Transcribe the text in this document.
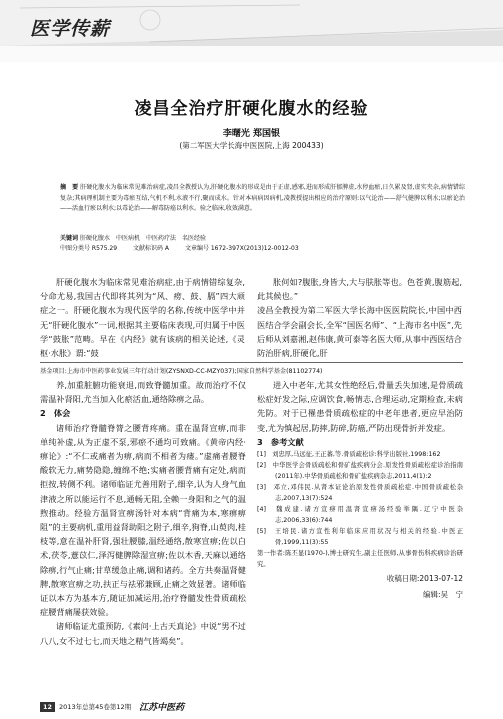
医学传薪
凌昌全治疗肝硬化腹水的经验
李曙光 郑国银
(第二军医大学长海中医医院,上海 200433)
摘　要 肝硬化腹水为临床常见难治病症,凌昌全教授认为,肝硬化腹水的形成是由于正虚,感邪,进而形成肝郁脾虚,水停血瘀,日久累及肾,虚实夹杂,病情错综复杂;其病理机制主要为毒瘀互结,气机不利,水液不行,聚而成水。针对本病病因病机,凌教授提出相应的治疗原则:以气论治——舒气健脾以利水;以瘀论治——活血行瘀以利水;以毒论治——解毒防癌以利水。验之临床,收效满意。
关键词 肝硬化腹水　中医病机　中医药疗法　名医经验
中图分类号 R575.29	文献标识码 A	文章编号 1672-397X(2013)12-0012-03

肝硬化腹水为临床常见难治病症,由于病情错综复杂,兮命尤易,我国古代即将其列为“风、痨、鼓、膈”四大顽症之一。肝硬化腹水为现代医学的名称,传统中医学中并无“肝硬化腹水”一词,根据其主要临床表现,可归属于中医学“鼓胀”范畴。早在《内经》就有该病的相关论述,《灵枢·水胀》谓:“鼓

胀何如?腹胀,身皆大,大与肤胀等也。色苍黄,腹筋起,此其候也。”
凌昌全教授为第二军医大学长海中医医院院长,中国中西医结合学会副会长,全军“国医名师”、“上海市名中医”,先后师从刘嘉湘,赵伟康,黄可泰等名医大师,从事中西医结合防治肝病,肝硬化,肝

基金项目:上海市中医药事业发展三年行动计划(ZYSNXD-CC-MZY037);国家自然科学基金(81102774)

养,加重脏腑功能衰退,而致脊髓加重。故而治疗不仅需温补肾阳,尤当加入化瘀活血,通络除痹之品。

2　体会

诸师治疗脊髓脊膂之腰背疼痛。重在温肾宣痹,而非单纯补虚,从为正虚不泵,邪瘀不通均可致痛。《黄帝内经·痹论》:“不仁或痛者为痹,病而不相者为瘘。”虚痛者腰脊酸软无力,痛势隐隐,缠绵不绝;实痛者腰背痛有定处,病而拒按,转侧不利。诸师临证尤善用附子,细辛,认为人身气血津液之所以能运行不息,通畅无阻,全赖一身阳和之气的温煦推动。经验方温肾宣痹汤针对本病“背痛为本,寒痹痹阻”的主要病机,重用益肾助阳之附子,细辛,狗脊,山萸肉,桂枝等,意在温补肝肾,强壮腰膝,温经通络,散寒宣痹;佐以白术,茯苓,薏苡仁,泽泻健脾除湿宣痹;佐以木香,天麻以通络除痹,行气止痛;甘草缓急止痛,调和诸药。全方共奏温肾健脾,散寒宣痹之功,扶正与祛邪兼顾,止痛之效显著。诸师临证以本方为基本方,随证加减运用,治疗脊髓发性骨质疏松症腰背痛屡获效验。

诸师临证尤重预防,《素问·上古天真论》中说“男不过八八,女不过七七,而天地之精气皆竭矣”。

进入中老年,尤其女性绝经后,骨量丢失加速,是骨质疏松症好发之际,应调饮食,畅情志,合理运动,定期检查,未病先防。对于已罹患骨质疏松症的中老年患者,更应早治防变,尤为慎起居,防摔,防碎,防癌,严防出现骨折并发症。

3　参考文献

[1]　刘忠厚,马远征,王正蕃,等.骨质疏松诊:科学出版社,1998:162

[2]　中华医学会骨质疏松和骨矿盐疾病分会.原发性骨质疏松症诊治指南(2011年).中华骨质疏松和骨矿盐疾病杂志,2011,4(1):2

[3]　邓立,邓伟民.从肾本证论治原发性骨质疏松症.中国骨质疏松杂志,2007,13(7):524

[4]　魏成建.诸方宣痹用温肾宣痹汤经验举隅.辽宁中医杂志,2006,33(6):744

[5]　王培民.诸方宣性利年临床应用状况与相关的经验.中医正骨,1999,11(3):55

第一作者:陈丕显(1970-),博士研究生,副主任医师,从事骨伤科疾病诊治研究。

收稿日期:2013-07-12
编辑:吴　宁
12	2013年总第45卷第12期 江苏中医药
